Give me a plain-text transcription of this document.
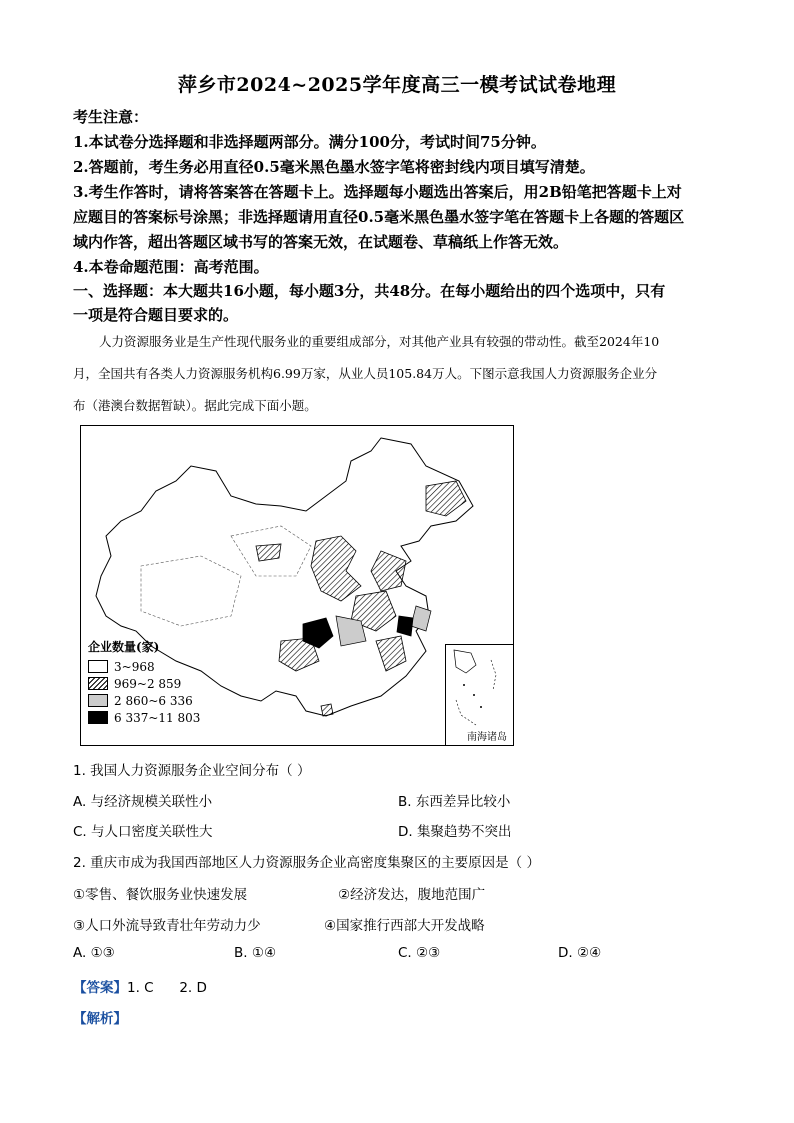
萍乡市2024~2025学年度高三一模考试试卷地理
考生注意：
1.本试卷分选择题和非选择题两部分。满分100分，考试时间75分钟。
2.答题前，考生务必用直径0.5毫米黑色墨水签字笔将密封线内项目填写清楚。
3.考生作答时，请将答案答在答题卡上。选择题每小题选出答案后，用2B铅笔把答题卡上对
应题目的答案标号涂黑；非选择题请用直径0.5毫米黑色墨水签字笔在答题卡上各题的答题区
域内作答，超出答题区域书写的答案无效，在试题卷、草稿纸上作答无效。
4.本卷命题范围：高考范围。
一、选择题：本大题共16小题，每小题3分，共48分。在每小题给出的四个选项中，只有
一项是符合题目要求的。
人力资源服务业是生产性现代服务业的重要组成部分，对其他产业具有较强的带动性。截至2024年10
月，全国共有各类人力资源服务机构6.99万家，从业人员105.84万人。下图示意我国人力资源服务企业分
布（港澳台数据暂缺）。据此完成下面小题。
企业数量(家)
3~968
969~2 859
2 860~6 336
6 337~11 803
南海诸岛
1. 我国人力资源服务企业空间分布（ ）
A. 与经济规模关联性小	B. 东西差异比较小
C. 与人口密度关联性大	D. 集聚趋势不突出
2. 重庆市成为我国西部地区人力资源服务企业高密度集聚区的主要原因是（ ）
①零售、餐饮服务业快速发展	②经济发达，腹地范围广
③人口外流导致青壮年劳动力少	④国家推行西部大开发战略
A. ①③	B. ①④	C. ②③	D. ②④
【答案】1. C      2. D
【解析】
